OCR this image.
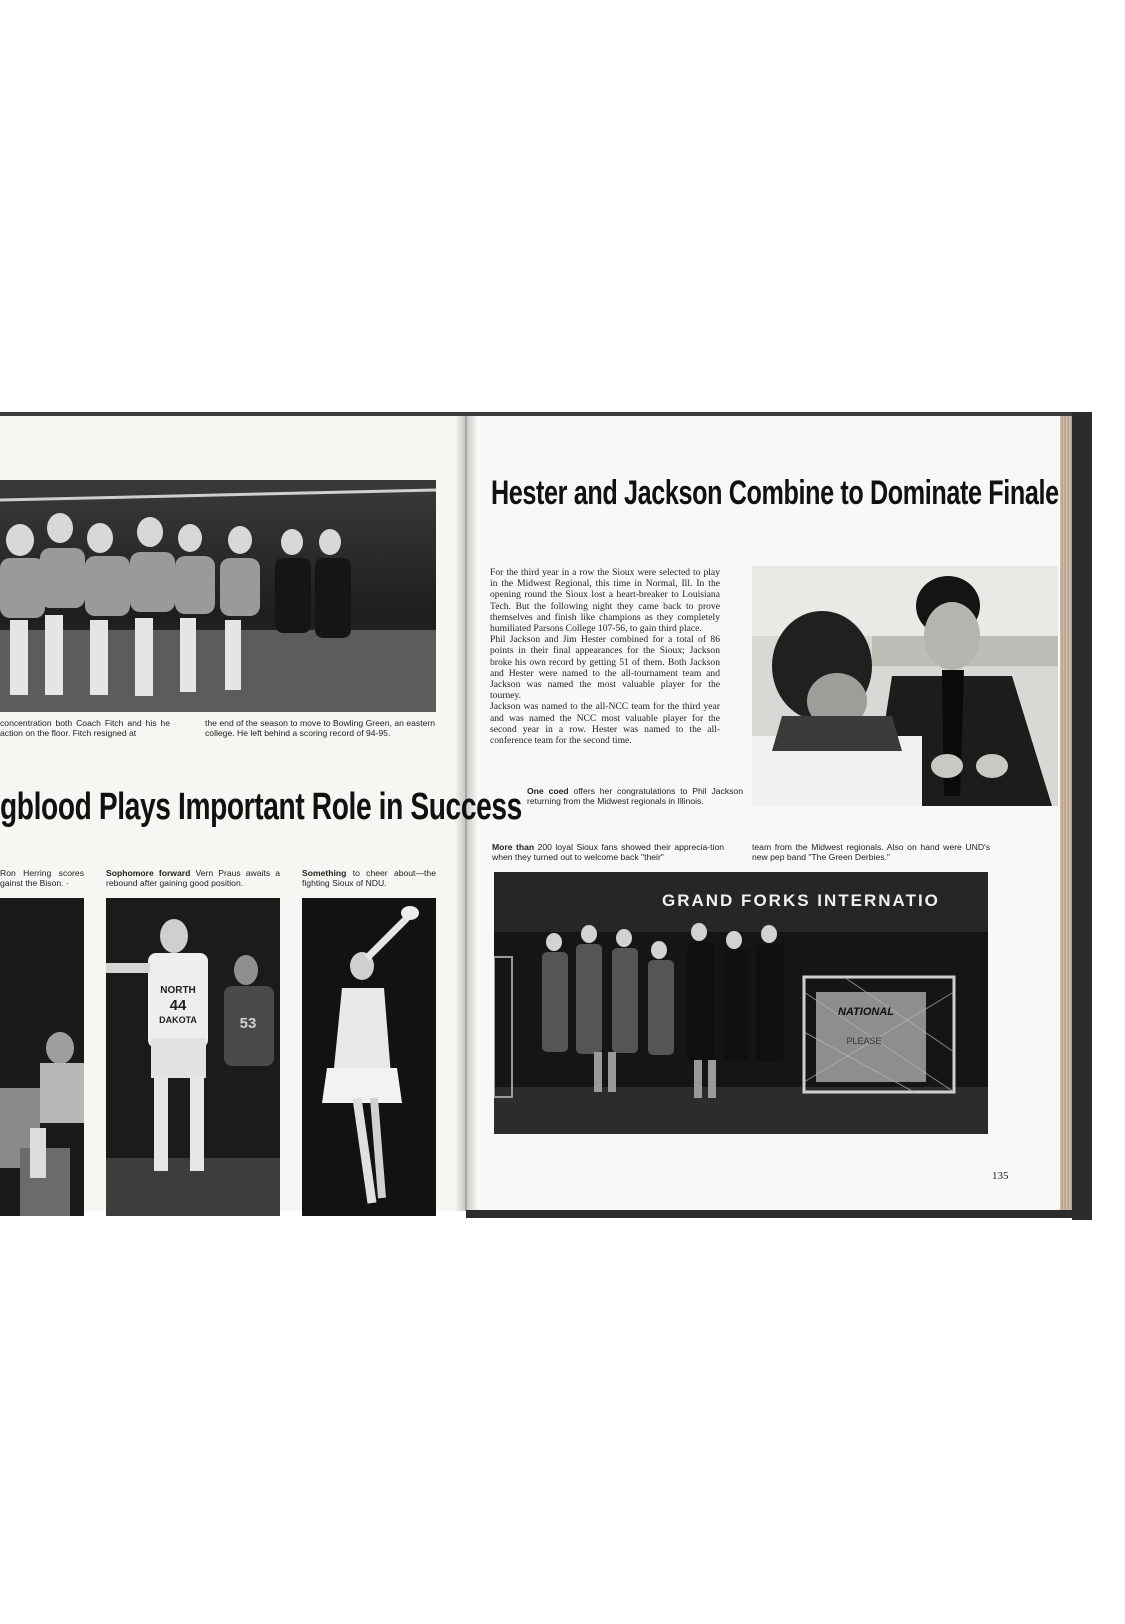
concentration both Coach Fitch and his he action on the floor. Fitch resigned at
the end of the season to move to Bowling Green, an eastern college. He left behind a scoring record of 94-95.
gblood Plays Important Role in Success
Ron Herring scores gainst the Bison. ·
Sophomore forward Vern Praus awaits a rebound after gaining good position.
Something to cheer about—the fighting Sioux of NDU.
NORTH
44
DAKOTA	53
Hester and Jackson Combine to Dominate Finale
For the third year in a row the Sioux were selected to play in the Midwest Regional, this time in Normal, Ill. In the opening round the Sioux lost a heart-breaker to Louisiana Tech. But the following night they came back to prove themselves and finish like champions as they completely humiliated Parsons College 107-56, to gain third place.
Phil Jackson and Jim Hester combined for a total of 86 points in their final appearances for the Sioux; Jackson broke his own record by getting 51 of them. Both Jackson and Hester were named to the all-tournament team and Jackson was named the most valuable player for the tourney.
Jackson was named to the all-NCC team for the third year and was named the NCC most valuable player for the second year in a row. Hester was named to the all-conference team for the second time.
One coed offers her congratulations to Phil Jackson returning from the Midwest regionals in Illinois.
More than 200 loyal Sioux fans showed their apprecia-tion when they turned out to welcome back "their"
team from the Midwest regionals. Also on hand were UND's new pep band "The Green Derbies."
GRAND FORKS INTERNATIO
NATIONAL
PLEASE
135
